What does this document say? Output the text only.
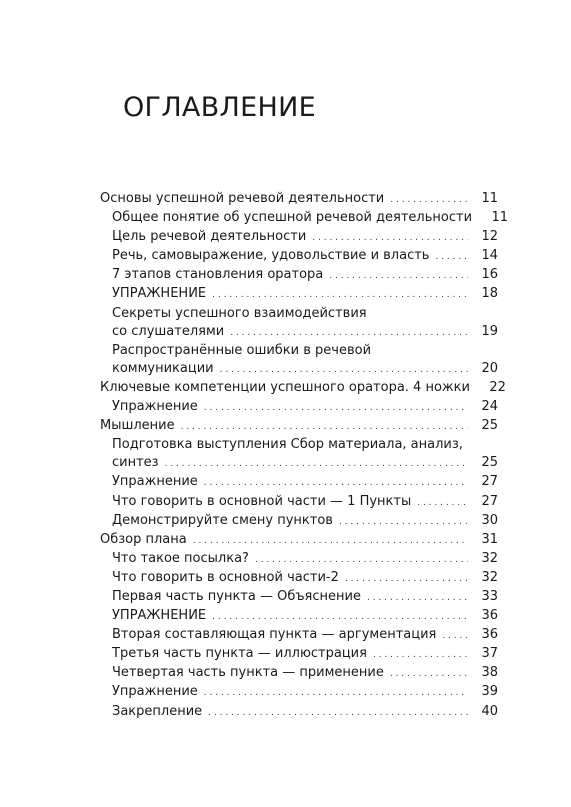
ОГЛАВЛЕНИЕ
Основы успешной речевой деятельности . . .	11
Общее понятие об успешной речевой деятельности	11
Цель речевой деятельности . . .	12
Речь, самовыражение, удовольствие и власть . . .	14
7 этапов становления оратора . . .	16
УПРАЖНЕНИЕ . . .	18
Секреты успешного взаимодействия
со слушателями . . .	19
Распространённые ошибки в речевой
коммуникации . . .	20
Ключевые компетенции успешного оратора. 4 ножки	22
Упражнение . . .	24
Мышление . . .	25
Подготовка выступления Сбор материала, анализ,
синтез . . .	25
Упражнение . . .	27
Что говорить в основной части — 1 Пункты . . .	27
Демонстрируйте смену пунктов . . .	30
Обзор плана . . .	31
Что такое посылка? . . .	32
Что говорить в основной части-2 . . .	32
Первая часть пункта — Объяснение . . .	33
УПРАЖНЕНИЕ . . .	36
Вторая составляющая пункта — аргументация . . .	36
Третья часть пункта — иллюстрация . . .	37
Четвертая часть пункта — применение . . .	38
Упражнение . . .	39
Закрепление . . .	40
